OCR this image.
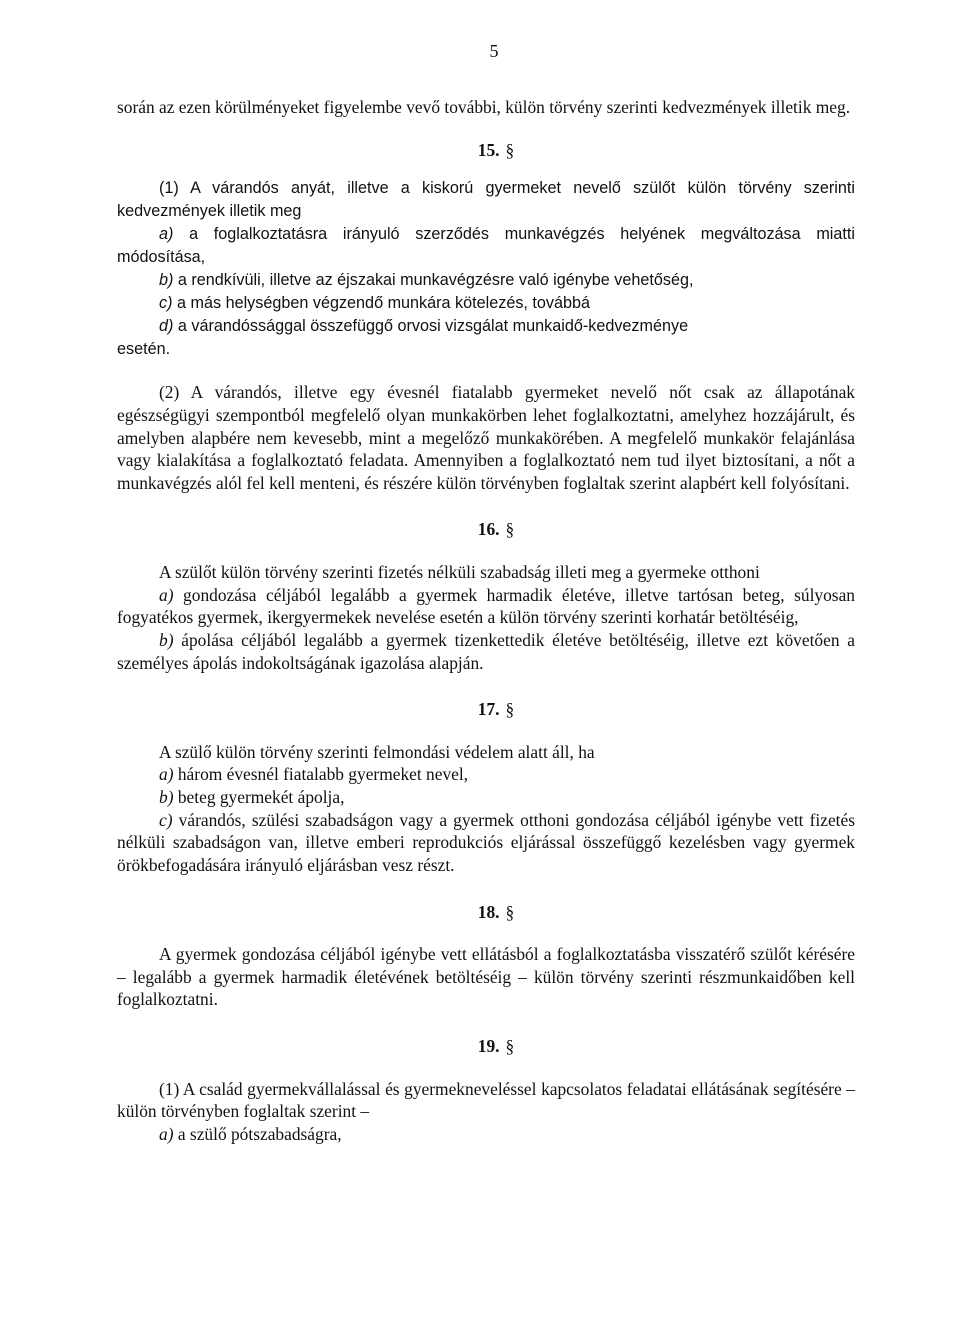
5

során az ezen körülményeket figyelembe vevő további, külön törvény szerinti kedvezmények illetik meg.

15. §

(1) A várandós anyát, illetve a kiskorú gyermeket nevelő szülőt külön törvény szerinti kedvezmények illetik meg

a) a foglalkoztatásra irányuló szerződés munkavégzés helyének megváltozása miatti módosítása,

b) a rendkívüli, illetve az éjszakai munkavégzésre való igénybe vehetőség,

c) a más helységben végzendő munkára kötelezés, továbbá

d) a várandóssággal összefüggő orvosi vizsgálat munkaidő-kedvezménye

esetén.

(2) A várandós, illetve egy évesnél fiatalabb gyermeket nevelő nőt csak az állapotának egészségügyi szempontból megfelelő olyan munkakörben lehet foglalkoztatni, amelyhez hozzájárult, és amelyben alapbére nem kevesebb, mint a megelőző munkakörében. A megfelelő munkakör felajánlása vagy kialakítása a foglalkoztató feladata. Amennyiben a foglalkoztató nem tud ilyet biztosítani, a nőt a munkavégzés alól fel kell menteni, és részére külön törvényben foglaltak szerint alapbért kell folyósítani.

16. §

A szülőt külön törvény szerinti fizetés nélküli szabadság illeti meg a gyermeke otthoni

a) gondozása céljából legalább a gyermek harmadik életéve, illetve tartósan beteg, súlyosan fogyatékos gyermek, ikergyermekek nevelése esetén a külön törvény szerinti korhatár betöltéséig,

b) ápolása céljából legalább a gyermek tizenkettedik életéve betöltéséig, illetve ezt követően a személyes ápolás indokoltságának igazolása alapján.

17. §

A szülő külön törvény szerinti felmondási védelem alatt áll, ha

a) három évesnél fiatalabb gyermeket nevel,

b) beteg gyermekét ápolja,

c) várandós, szülési szabadságon vagy a gyermek otthoni gondozása céljából igénybe vett fizetés nélküli szabadságon van, illetve emberi reprodukciós eljárással összefüggő kezelésben vagy gyermek örökbefogadására irányuló eljárásban vesz részt.

18. §

A gyermek gondozása céljából igénybe vett ellátásból a foglalkoztatásba visszatérő szülőt kérésére – legalább a gyermek harmadik életévének betöltéséig – külön törvény szerinti részmunkaidőben kell foglalkoztatni.

19. §

(1) A család gyermekvállalással és gyermekneveléssel kapcsolatos feladatai ellátásának segítésére – külön törvényben foglaltak szerint –

a) a szülő pótszabadságra,
